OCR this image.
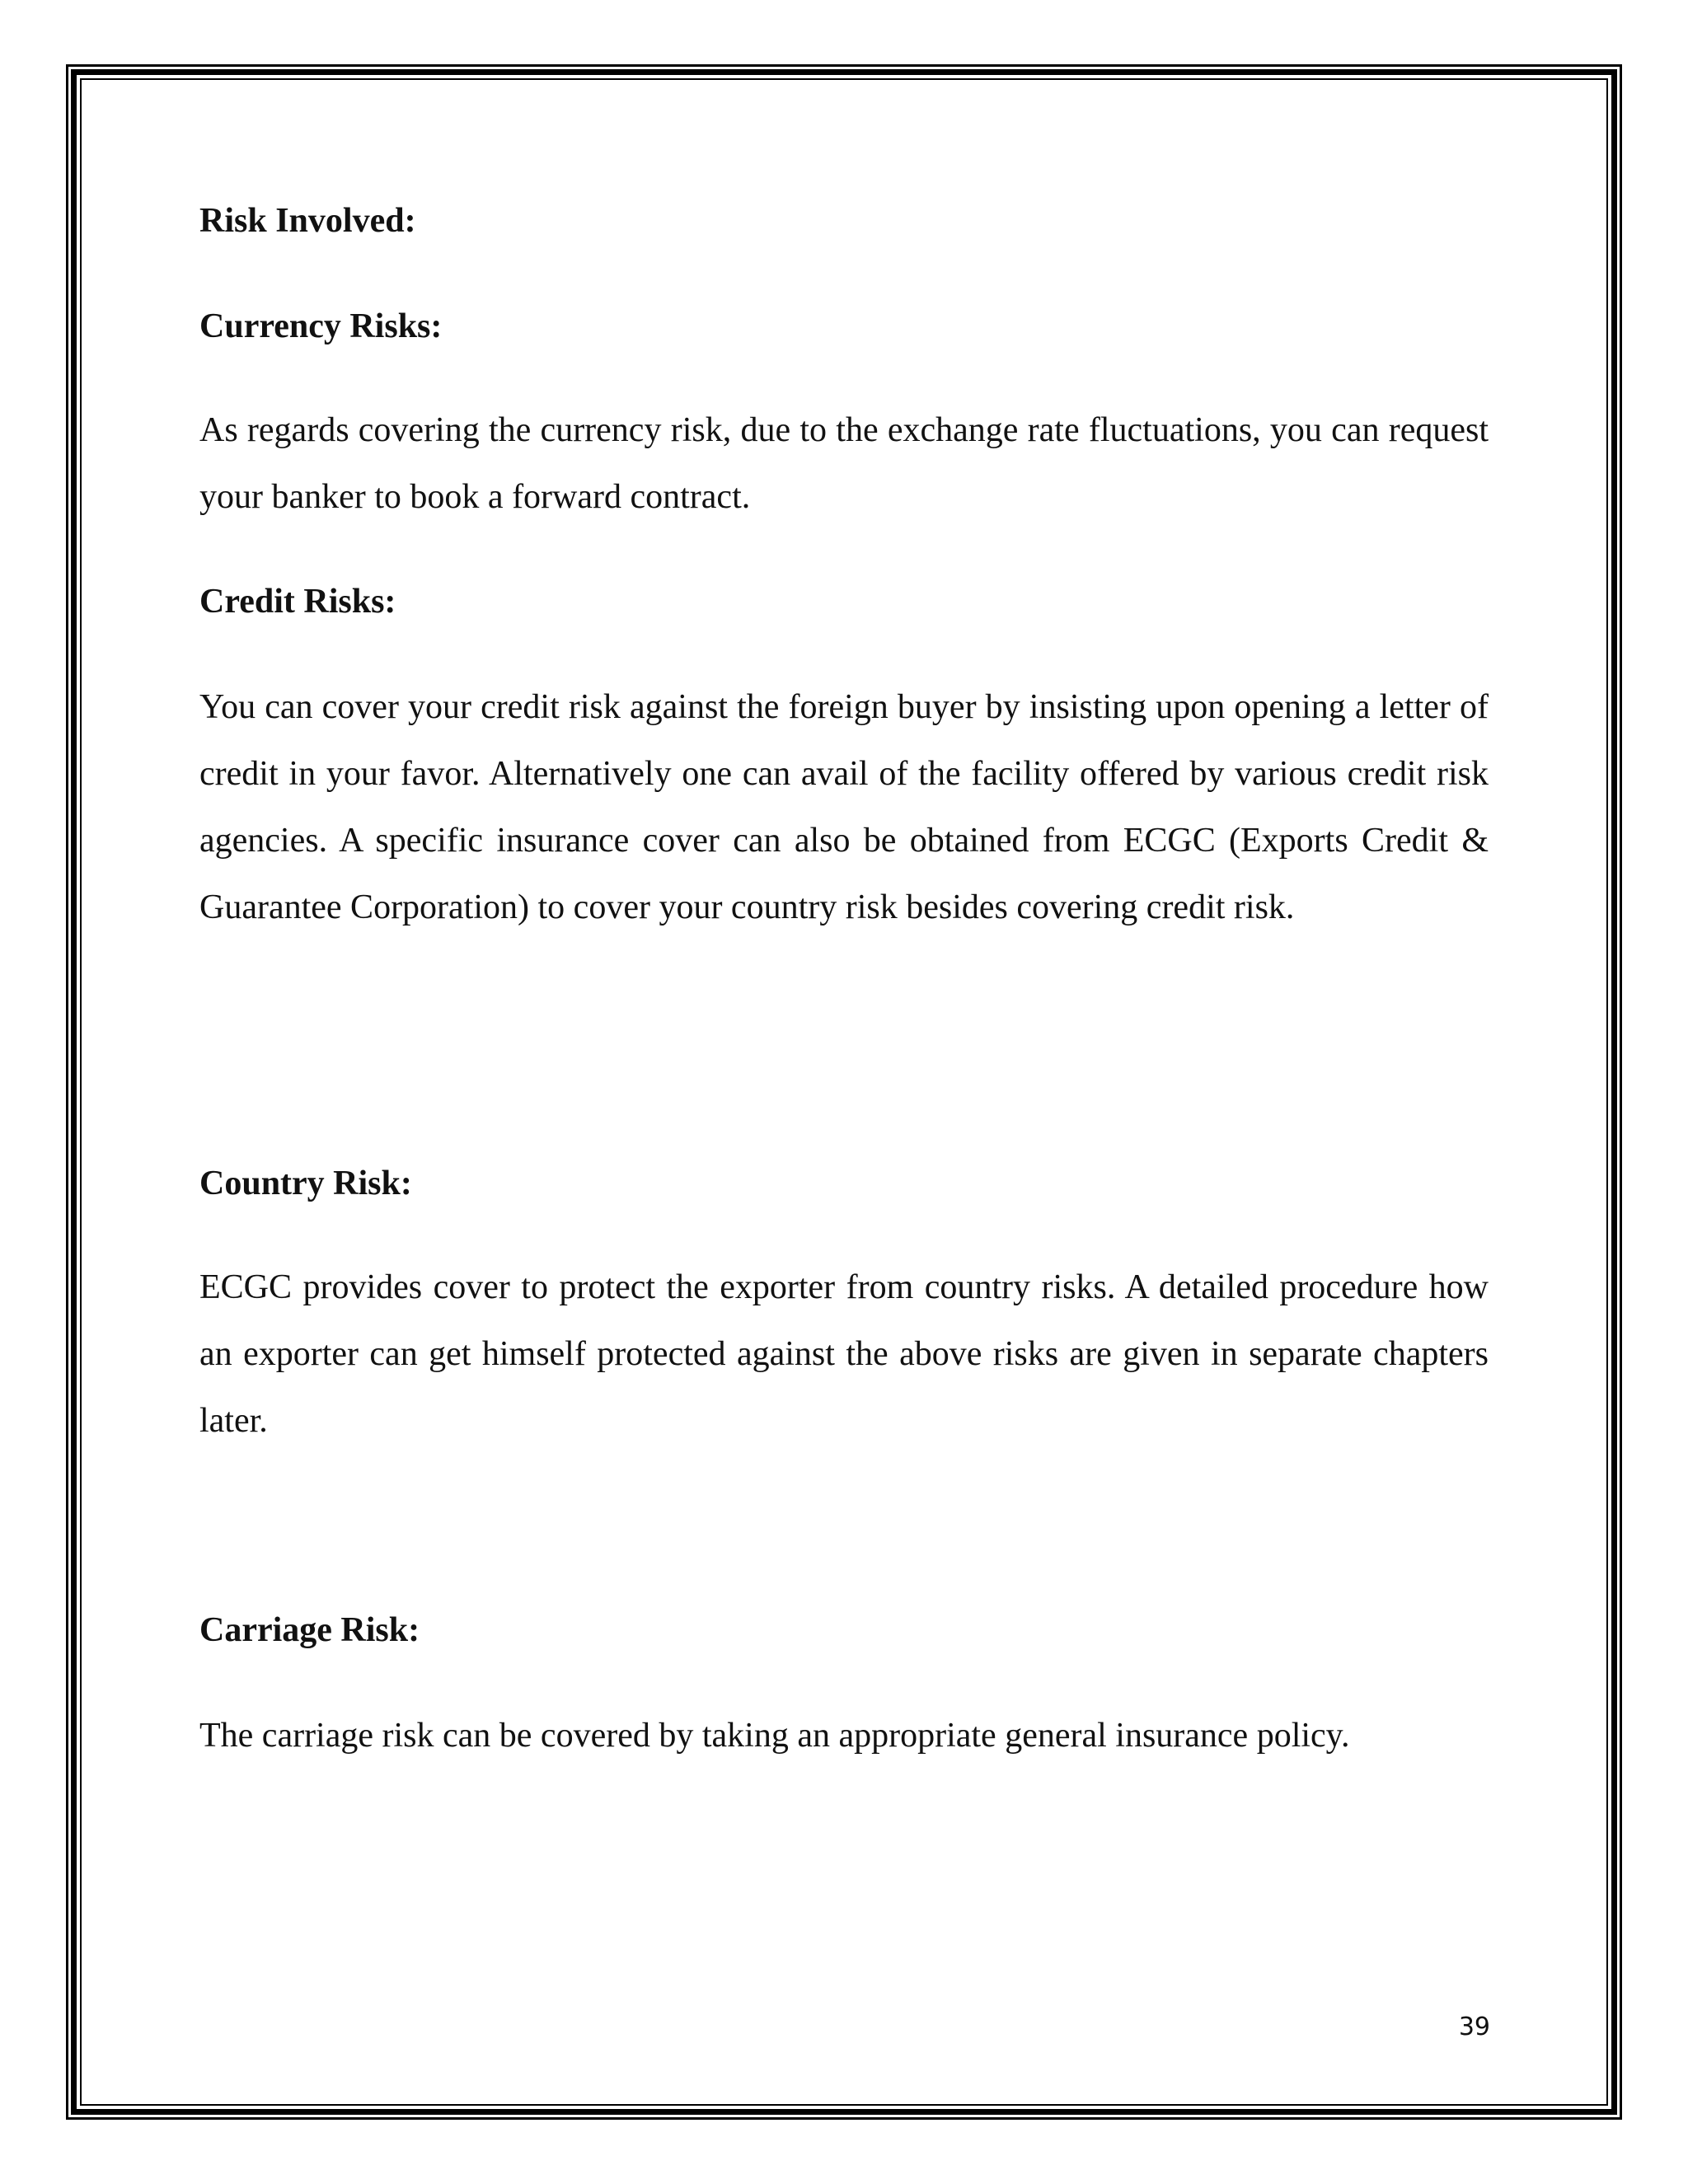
Risk Involved:
Currency Risks:

As regards covering the currency risk, due to the exchange rate fluctuations, you can request your banker to book a forward contract.

Credit Risks:

You can cover your credit risk against the foreign buyer by insisting upon opening a letter of credit in your favor. Alternatively one can avail of the facility offered by various credit risk agencies. A specific insurance cover can also be obtained from ECGC (Exports Credit & Guarantee Corporation) to cover your country risk besides covering credit risk.

Country Risk:

ECGC provides cover to protect the exporter from country risks. A detailed procedure how an exporter can get himself protected against the above risks are given in separate chapters later.

Carriage Risk:

The carriage risk can be covered by taking an appropriate general insurance policy.

39
